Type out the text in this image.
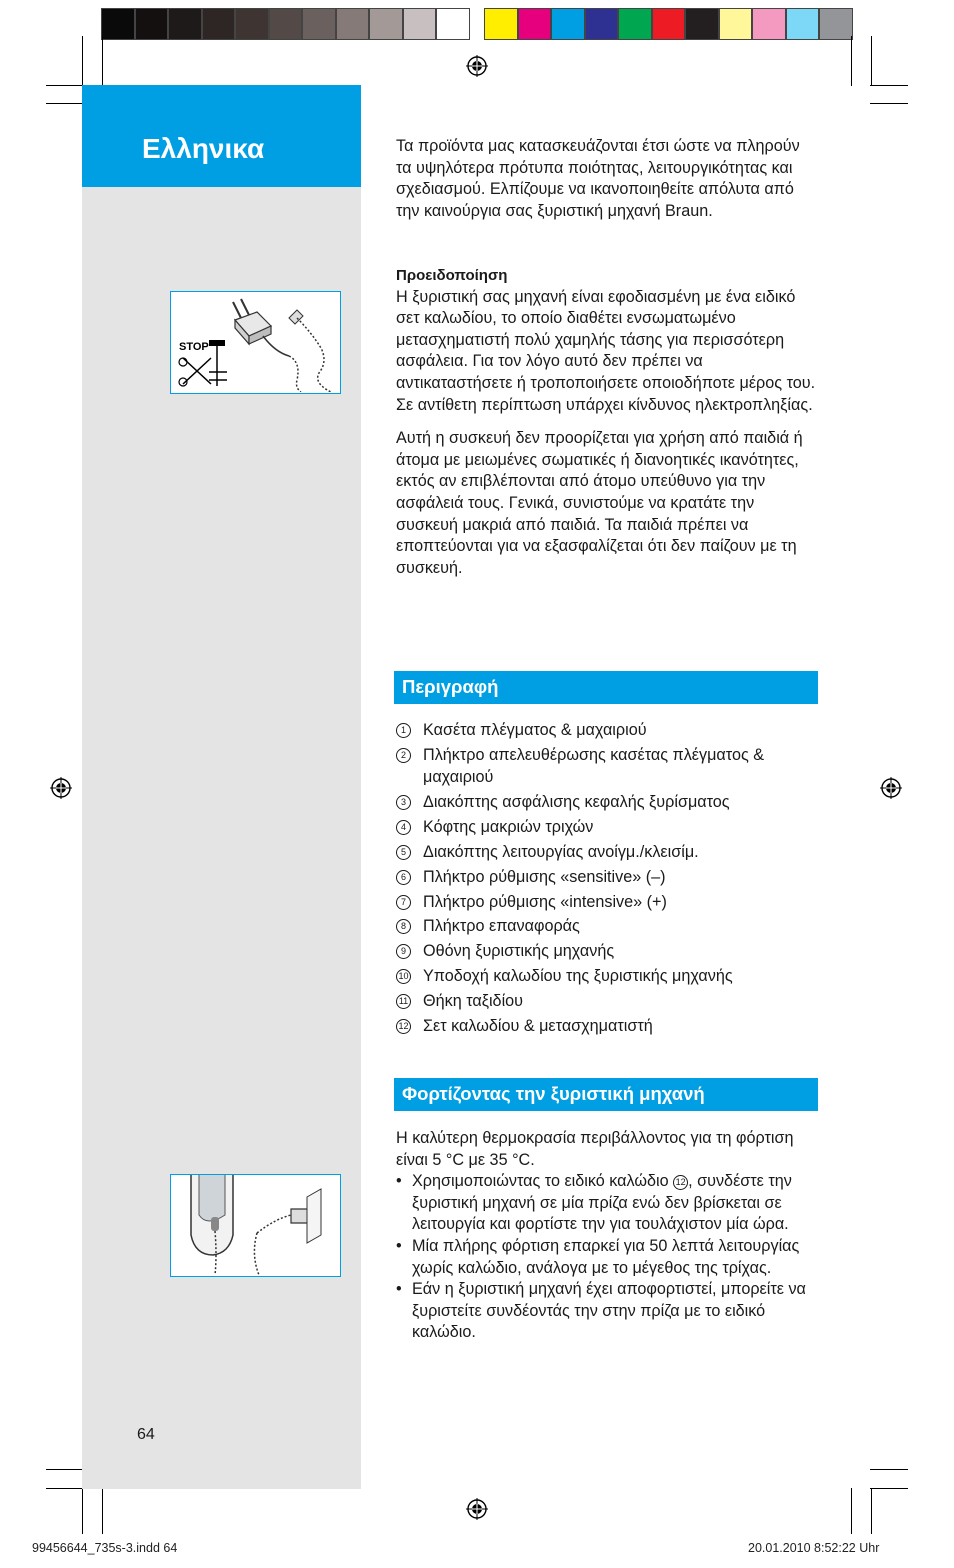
Ελληνικα
STOP
64

Τα προϊόντα μας κατασκευάζονται έτσι ώστε να πληρούν τα υψηλότερα πρότυπα ποιότητας, λειτουργικότητας και σχεδιασμού. Ελπίζουμε να ικανοποιηθείτε απόλυτα από την καινούργια σας ξυριστική μηχανή Braun.

Προειδοποίηση

Η ξυριστική σας μηχανή είναι εφοδιασμένη με ένα ειδικό σετ καλωδίου, το οποίο διαθέτει ενσωματωμένο μετασχηματιστή πολύ χαμηλής τάσης για περισσότερη ασφάλεια. Για τον λόγο αυτό δεν πρέπει να αντικαταστήσετε ή τροποποιήσετε οποιοδήποτε μέρος του. Σε αντίθετη περίπτωση υπάρχει κίνδυνος ηλεκτροπληξίας.

Αυτή η συσκευή δεν προορίζεται για χρήση από παιδιά ή άτομα με μειωμένες σωματικές ή διανοητικές ικανότητες, εκτός αν επιβλέπονται από άτομο υπεύθυνο για την ασφάλειά τους. Γενικά, συνιστούμε να κρατάτε την συσκευή μακριά από παιδιά. Τα παιδιά πρέπει να εποπτεύονται για να εξασφαλίζεται ότι δεν παίζουν με τη συσκευή.

Περιγραφή
1	Κασέτα πλέγματος & μαχαιριού
2	Πλήκτρο απελευθέρωσης κασέτας πλέγματος & μαχαιριού
3	Διακόπτης ασφάλισης κεφαλής ξυρίσματος
4	Κόφτης μακριών τριχών
5	Διακόπτης λειτουργίας ανοίγμ./κλεισίμ.
6	Πλήκτρο ρύθμισης «sensitive» (–)
7	Πλήκτρο ρύθμισης «intensive» (+)
8	Πλήκτρο επαναφοράς
9	Οθόνη ξυριστικής μηχανής
10 Υποδοχή καλωδίου της ξυριστικής μηχανής
11 Θήκη ταξιδίου
12 Σετ καλωδίου & μετασχηματιστή
Φορτίζοντας την ξυριστική μηχανή

Η καλύτερη θερμοκρασία περιβάλλοντος για τη φόρτιση είναι 5 °C με 35 °C.

• Χρησιμοποιώντας το ειδικό καλώδιο 12 , συνδέστε την ξυριστική μηχανή σε μία πρίζα ενώ δεν βρίσκεται σε λειτουργία και φορτίστε την για τουλάχιστον μία ώρα.
• Μία πλήρης φόρτιση επαρκεί για 50 λεπτά λειτουργίας χωρίς καλώδιο, ανάλογα με το μέγεθος της τρίχας.
• Εάν η ξυριστική μηχανή έχει αποφορτιστεί, μπορείτε να ξυριστείτε συνδέοντάς την στην πρίζα με το ειδικό καλώδιο.
99456644_735s-3.indd 64	20.01.2010 8:52:22 Uhr
